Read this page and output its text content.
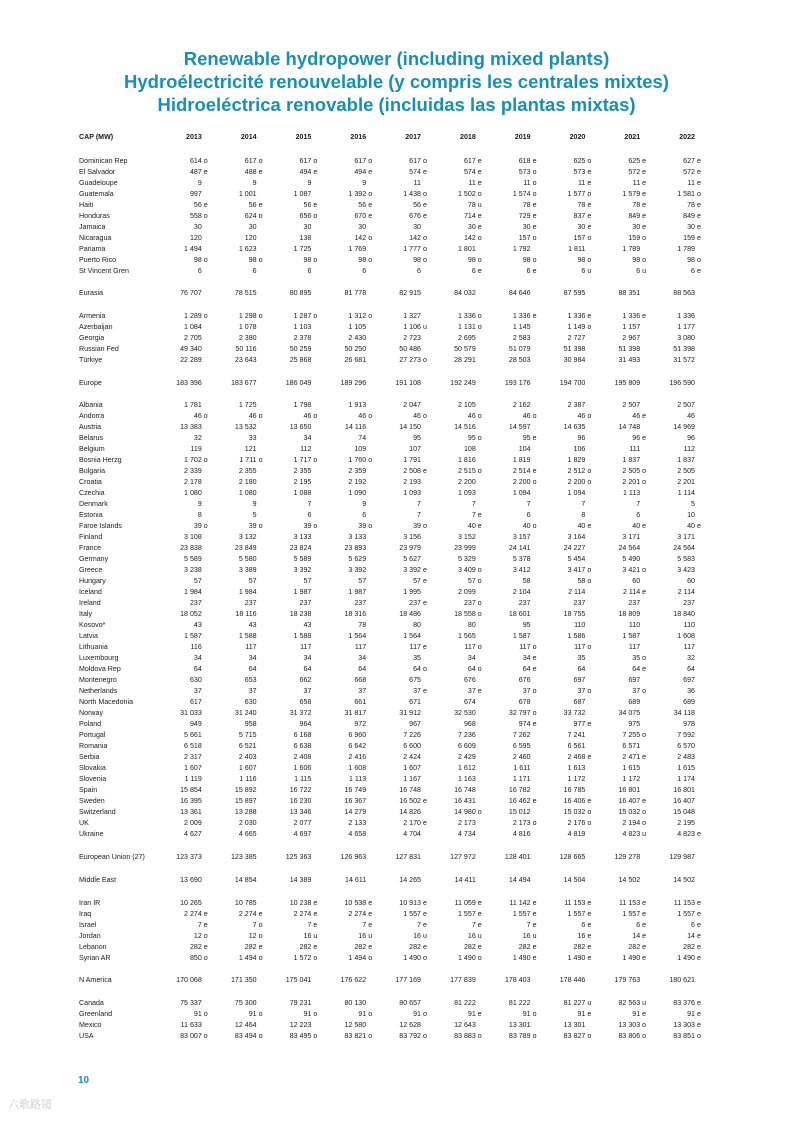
Renewable hydropower (including mixed plants)
Hydroélectricité renouvelable (y compris les centrales mixtes)
Hidroeléctrica renovable (incluidas las plantas mixtas)
CAP (MW)	2013		2014		2015		2016		2017		2018		2019		2020		2021		2022	

Dominican Rep	614	o	617	o	617	o	617	o	617	o	617	e	618	e	625	o	625	e	627	e
El Salvador	487	e	488	e	494	e	494	e	574	e	574	e	573	o	573	e	572	e	572	e
Guadeloupe	9		9		9		9		11		11	e	11	o	11	e	11	e	11	e
Guatemala	997		1 001		1 087		1 392	o	1 438	o	1 502	o	1 574	o	1 577	o	1 579	e	1 581	o
Haiti	56	e	56	e	56	e	56	e	56	e	78	u	78	e	78	e	78	e	78	e
Honduras	558	o	624	o	656	o	670	e	676	e	714	e	729	e	837	e	849	e	849	e
Jamaica	30		30		30		30		30		30	e	30	e	30	e	30	e	30	e
Nicaragua	120		120		138		142	o	142	o	142	o	157	o	157	o	159	o	159	e
Panama	1 494		1 623		1 725		1 769		1 777	o	1 801		1 792		1 811		1 789		1 789	
Puerto Rico	98	o	98	o	98	o	98	o	98	o	98	o	98	o	98	o	98	o	98	o
St Vincent Gren	6		6		6		6		6		6	e	6	e	6	u	6	u	6	e

Eurasia	76 707		78 515		80 895		81 778		82 915		84 032		84 646		87 595		88 351		88 563	

Armenia	1 289	o	1 298	o	1 287	o	1 312	o	1 327		1 336	o	1 336	e	1 336	e	1 336	e	1 336	
Azerbaijan	1 084		1 078		1 103		1 105		1 106	u	1 131	o	1 145		1 149	o	1 157		1 177	
Georgia	2 705		2 380		2 378		2 430		2 723		2 695		2 583		2 727		2 967		3 080	
Russian Fed	49 340		50 116		50 259		50 250		50 486		50 579		51 079		51 398		51 398		51 398	
Türkiye	22 289		23 643		25 868		26 681		27 273	o	28 291		28 503		30 984		31 493		31 572	

Europe	183 396		183 677		186 049		189 296		191 108		192 249		193 176		194 700		195 809		196 590	

Albania	1 781		1 725		1 798		1 913		2 047		2 105		2 162		2 387		2 507		2 507	
Andorra	46	o	46	o	46	o	46	o	46	o	46	o	46	o	46	o	46	e	46	
Austria	13 383		13 532		13 650		14 116		14 150		14 516		14 597		14 635		14 748		14 969	
Belarus	32		33		34		74		95		95	o	95	e	96		96	e	96	
Belgium	119		121		112		109		107		108		104		106		111		112	
Bosnia Herzg	1 702	o	1 711	o	1 717	o	1 760	o	1 791		1 816		1 819		1 829		1 837		1 837	
Bulgaria	2 339		2 355		2 355		2 359		2 508	e	2 515	o	2 514	e	2 512	o	2 505	o	2 505	
Croatia	2 178		2 180		2 195		2 192		2 193		2 200		2 200	o	2 200	o	2 201	o	2 201	
Czechia	1 080		1 080		1 088		1 090		1 093		1 093		1 094		1 094		1 113		1 114	
Denmark	9		9		7		9		7		7		7		7		7		5	
Estonia	8		5		6		6		7		7	e	6		8		6		10	
Faroe Islands	39	o	39	o	39	o	39	o	39	o	40	e	40	o	40	e	40	e	40	e
Finland	3 108		3 132		3 133		3 133		3 156		3 152		3 157		3 164		3 171		3 171	
France	23 838		23 849		23 824		23 893		23 979		23 999		24 141		24 227		24 564		24 564	
Germany	5 589		5 580		5 589		5 629		5 627		5 329		5 378		5 454		5 490		5 583	
Greece	3 238		3 389		3 392		3 392		3 392	e	3 409	o	3 412		3 417	o	3 421	o	3 423	
Hungary	57		57		57		57		57	e	57	o	58		58	o	60		60	
Iceland	1 984		1 984		1 987		1 987		1 995		2 099		2 104		2 114		2 114	e	2 114	
Ireland	237		237		237		237		237	e	237	o	237		237		237		237	
Italy	18 052		18 116		18 238		18 316		18 486		18 558	o	18 601		18 755		18 809		18 840	
Kosovo*	43		43		43		78		80		80		95		110		110		110	
Latvia	1 587		1 588		1 588		1 564		1 564		1 565		1 587		1 586		1 587		1 608	
Lithuania	116		117		117		117		117	e	117	o	117	o	117	o	117		117	
Luxembourg	34		34		34		34		35		34		34	e	35		35	o	32	
Moldova Rep	64		64		64		64		64	o	64	o	64	e	64		64	e	64	
Montenegro	630		653		662		668		675		676		676		697		697		697	
Netherlands	37		37		37		37		37	e	37	e	37	o	37	o	37	o	36	
North Macedonia	617		630		658		661		671		674		678		687		689		689	
Norway	31 033		31 240		31 372		31 817		31 912		32 530		32 797	o	33 732		34 075		34 118	
Poland	949		958		964		972		967		968		974	e	977	e	975		978	
Portugal	5 661		5 715		6 168		6 960		7 226		7 236		7 262		7 241		7 255	o	7 592	
Romania	6 518		6 521		6 638		6 642		6 600		6 609		6 595		6 561		6 571		6 570	
Serbia	2 317		2 403		2 408		2 416		2 424		2 429		2 460		2 468	e	2 471	e	2 483	
Slovakia	1 607		1 607		1 606		1 608		1 607		1 612		1 611		1 613		1 615		1 615	
Slovenia	1 119		1 116		1 115		1 113		1 167		1 163		1 171		1 172		1 172		1 174	
Spain	15 854		15 892		16 722		16 749		16 748		16 748		16 782		16 785		16 801		16 801	
Sweden	16 395		15 897		16 230		16 367		16 502	e	16 431		16 462	e	16 406	e	16 407	e	16 407	
Switzerland	13 361		13 288		13 346		14 279		14 826		14 980	o	15 012		15 032	o	15 032	o	15 048	
UK	2 009		2 030		2 077		2 133		2 170	e	2 173		2 173	o	2 176	o	2 194	o	2 195	
Ukraine	4 627		4 665		4 697		4 658		4 704		4 734		4 816		4 819		4 823	u	4 823	e

European Union (27)	123 373		123 385		125 363		126 963		127 831		127 972		128 401		128 665		129 278		129 987	

Middle East	13 690		14 854		14 389		14 611		14 265		14 411		14 494		14 504		14 502		14 502	

Iran IR	10 265		10 785		10 238	e	10 538	e	10 913	e	11 059	e	11 142	e	11 153	e	11 153	e	11 153	e
Iraq	2 274	e	2 274	e	2 274	e	2 274	e	1 557	e	1 557	e	1 557	e	1 557	e	1 557	e	1 557	e
Israel	7	e	7	o	7	e	7	e	7	e	7	e	7	e	6	e	6	e	6	e
Jordan	12	o	12	o	16	u	16	u	16	u	16	u	16	u	16	e	14	e	14	e
Lebanon	282	e	282	e	282	e	282	e	282	e	282	e	282	e	282	e	282	e	282	e
Syrian AR	850	o	1 494	o	1 572	o	1 494	o	1 490	o	1 490	o	1 490	e	1 490	e	1 490	e	1 490	e

N America	170 068		171 350		175 041		176 622		177 169		177 839		178 403		178 446		179 763		180 621	

Canada	75 337		75 300		79 231		80 130		80 657		81 222		81 222		81 227	u	82 563	u	83 376	e
Greenland	91	o	91	o	91	o	91	o	91	o	91	e	91	o	91	e	91	e	91	e
Mexico	11 633		12 464		12 223		12 580		12 628		12 643		13 301		13 301		13 303	o	13 303	e
USA	83 007	o	83 494	o	83 495	o	83 821	o	83 792	o	83 883	o	83 789	o	83 827	o	83 806	o	83 851	o
10
六歌路镜
